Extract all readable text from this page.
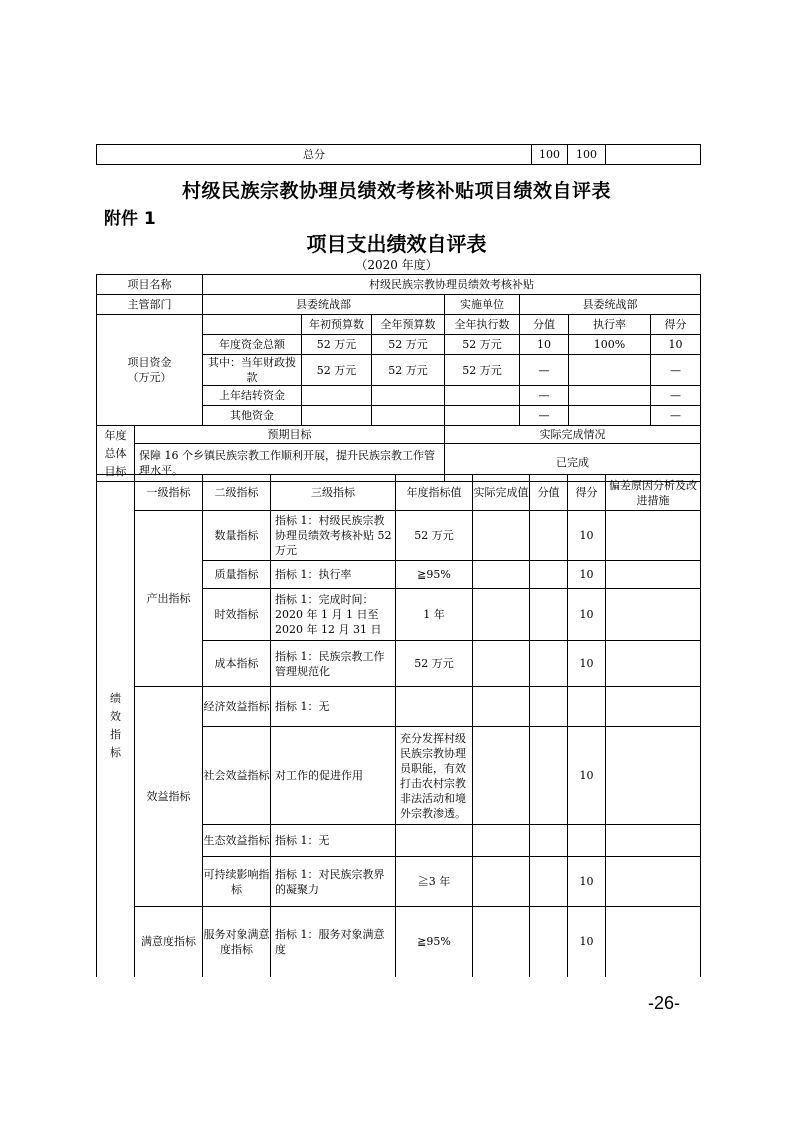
总分	100	100	
村级民族宗教协理员绩效考核补贴项目绩效自评表
附件 1
项目支出绩效自评表
（2020 年度）
项目名称		村级民族宗教协理员绩效考核补贴						
主管部门		县委统战部			实施单位	县委统战部		

项目资金
（万元）			年初预算数	全年预算数	全年执行数	分值	执行率	得分
		年度资金总额	52 万元	52 万元	52 万元	10	100%	10
		其中：当年财政拨款	52 万元	52 万元	52 万元	—		—
		上年结转资金				—		—
		其他资金				—		—

年度总体目标	预期目标				实际完成情况			
	保障 16 个乡镇民族宗教工作顺利开展，提升民族宗教工作管理水平。				已完成			
绩效指标	一级指标	二级指标	三级指标	年度指标值	实际完成值	分值	得分	偏差原因分析及改进措施
	产出指标	数量指标	指标 1：村级民族宗教协理员绩效考核补贴 52 万元	52 万元			10	
		质量指标	指标 1：执行率	≧95%			10	
		时效指标	指标 1：完成时间：2020 年 1 月 1 日至 2020 年 12 月 31 日	1 年			10	
		成本指标	指标 1：民族宗教工作管理规范化	52 万元			10	
	效益指标	经济效益指标	指标 1：无					
		社会效益指标	对工作的促进作用	充分发挥村级民族宗教协理员职能，有效打击农村宗教非法活动和境外宗教渗透。			10	
		生态效益指标	指标 1：无					
		可持续影响指标	指标 1：对民族宗教界的凝聚力	≧3 年			10	
	满意度指标	服务对象满意度指标	指标 1：服务对象满意度	≧95%			10	
-26-
